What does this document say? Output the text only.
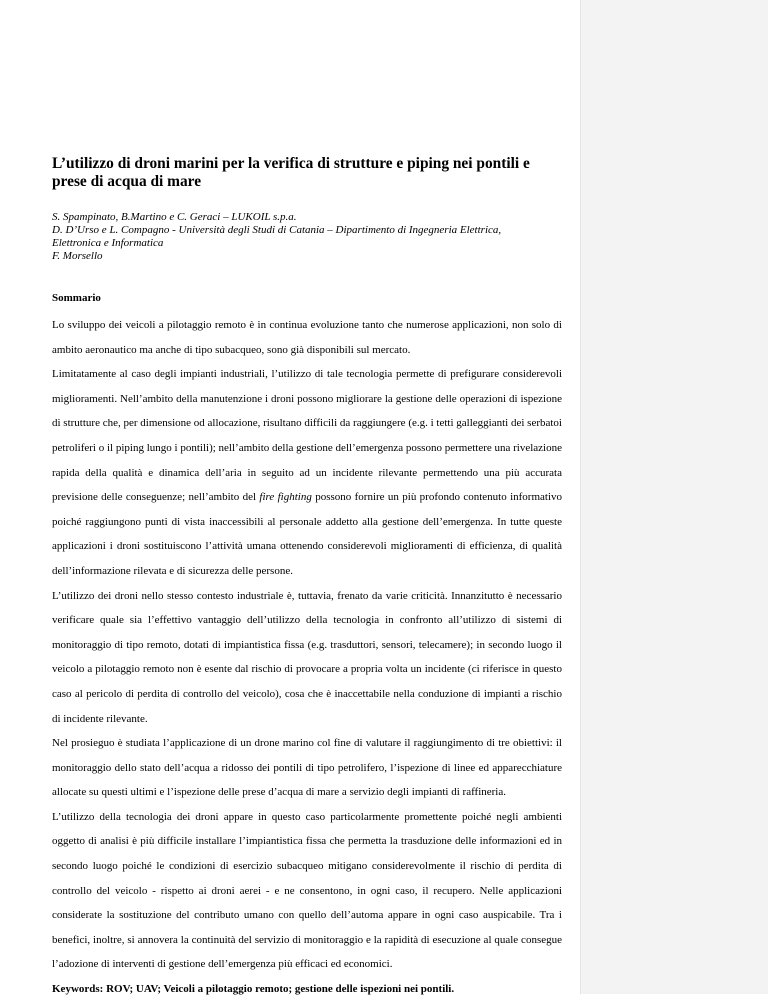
L’utilizzo di droni marini per la verifica di strutture e piping nei pontili e prese di acqua di mare
S. Spampinato, B.Martino e C. Geraci – LUKOIL s.p.a.
D. D’Urso e L. Compagno - Università degli Studi di Catania – Dipartimento di Ingegneria Elettrica,
Elettronica e Informatica
F. Morsello
Sommario

Lo sviluppo dei veicoli a pilotaggio remoto è in continua evoluzione tanto che numerose applicazioni, non solo di ambito aeronautico ma anche di tipo subacqueo, sono già disponibili sul mercato.

Limitatamente al caso degli impianti industriali, l’utilizzo di tale tecnologia permette di prefigurare considerevoli miglioramenti. Nell’ambito della manutenzione i droni possono migliorare la gestione delle operazioni di ispezione di strutture che, per dimensione od allocazione, risultano difficili da raggiungere (e.g. i tetti galleggianti dei serbatoi petroliferi o il piping lungo i pontili); nell’ambito della gestione dell’emergenza possono permettere una rivelazione rapida della qualità e dinamica dell’aria in seguito ad un incidente rilevante permettendo una più accurata previsione delle conseguenze; nell’ambito del fire fighting possono fornire un più profondo contenuto informativo poiché raggiungono punti di vista inaccessibili al personale addetto alla gestione dell’emergenza. In tutte queste applicazioni i droni sostituiscono l’attività umana ottenendo considerevoli miglioramenti di efficienza, di qualità dell’informazione rilevata e di sicurezza delle persone.

L’utilizzo dei droni nello stesso contesto industriale è, tuttavia, frenato da varie criticità. Innanzitutto è necessario verificare quale sia l’effettivo vantaggio dell’utilizzo della tecnologia in confronto all’utilizzo di sistemi di monitoraggio di tipo remoto, dotati di impiantistica fissa (e.g. trasduttori, sensori, telecamere); in secondo luogo il veicolo a pilotaggio remoto non è esente dal rischio di provocare a propria volta un incidente (ci riferisce in questo caso al pericolo di perdita di controllo del veicolo), cosa che è inaccettabile nella conduzione di impianti a rischio di incidente rilevante.

Nel prosieguo è studiata l’applicazione di un drone marino col fine di valutare il raggiungimento di tre obiettivi: il monitoraggio dello stato dell’acqua a ridosso dei pontili di tipo petrolifero, l’ispezione di linee ed apparecchiature allocate su questi ultimi e l’ispezione delle prese d’acqua di mare a servizio degli impianti di raffineria.

L’utilizzo della tecnologia dei droni appare in questo caso particolarmente promettente poiché negli ambienti oggetto di analisi è più difficile installare l’impiantistica fissa che permetta la trasduzione delle informazioni ed in secondo luogo poiché le condizioni di esercizio subacqueo mitigano considerevolmente il rischio di perdita di controllo del veicolo - rispetto ai droni aerei - e ne consentono, in ogni caso, il recupero. Nelle applicazioni considerate la sostituzione del contributo umano con quello dell’automa appare in ogni caso auspicabile. Tra i benefici, inoltre, si annovera la continuità del servizio di monitoraggio e la rapidità di esecuzione al quale consegue l’adozione di interventi di gestione dell’emergenza più efficaci ed economici.

Keywords: ROV; UAV; Veicoli a pilotaggio remoto; gestione delle ispezioni nei pontili.
